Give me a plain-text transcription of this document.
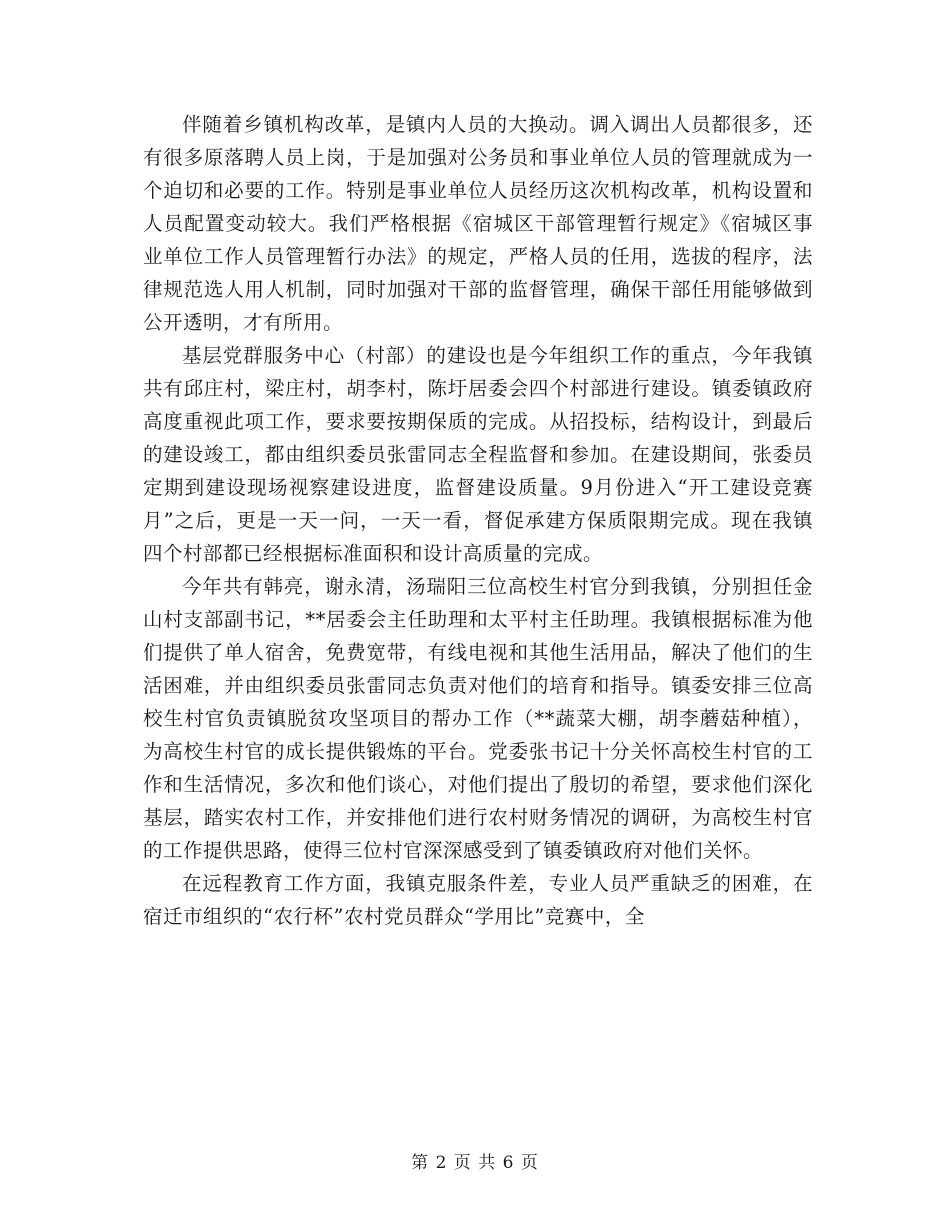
伴随着乡镇机构改革，是镇内人员的大换动。调入调出人员都很多，还有很多原落聘人员上岗，于是加强对公务员和事业单位人员的管理就成为一个迫切和必要的工作。特别是事业单位人员经历这次机构改革，机构设置和人员配置变动较大。我们严格根据《宿城区干部管理暂行规定》《宿城区事业单位工作人员管理暂行办法》的规定，严格人员的任用，选拔的程序，法律规范选人用人机制，同时加强对干部的监督管理，确保干部任用能够做到公开透明，才有所用。

基层党群服务中心（村部）的建设也是今年组织工作的重点，今年我镇共有邱庄村，梁庄村，胡李村，陈圩居委会四个村部进行建设。镇委镇政府高度重视此项工作，要求要按期保质的完成。从招投标，结构设计，到最后的建设竣工，都由组织委员张雷同志全程监督和参加。在建设期间，张委员定期到建设现场视察建设进度，监督建设质量。9月份进入“开工建设竞赛月”之后，更是一天一问，一天一看，督促承建方保质限期完成。现在我镇四个村部都已经根据标准面积和设计高质量的完成。

今年共有韩亮，谢永清，汤瑞阳三位高校生村官分到我镇，分别担任金山村支部副书记，**居委会主任助理和太平村主任助理。我镇根据标准为他们提供了单人宿舍，免费宽带，有线电视和其他生活用品，解决了他们的生活困难，并由组织委员张雷同志负责对他们的培育和指导。镇委安排三位高校生村官负责镇脱贫攻坚项目的帮办工作（**蔬菜大棚，胡李蘑菇种植），为高校生村官的成长提供锻炼的平台。党委张书记十分关怀高校生村官的工作和生活情况，多次和他们谈心，对他们提出了殷切的希望，要求他们深化基层，踏实农村工作，并安排他们进行农村财务情况的调研，为高校生村官的工作提供思路，使得三位村官深深感受到了镇委镇政府对他们关怀。

在远程教育工作方面，我镇克服条件差，专业人员严重缺乏的困难，在宿迁市组织的“农行杯”农村党员群众“学用比”竞赛中，全

第 2 页 共 6 页
